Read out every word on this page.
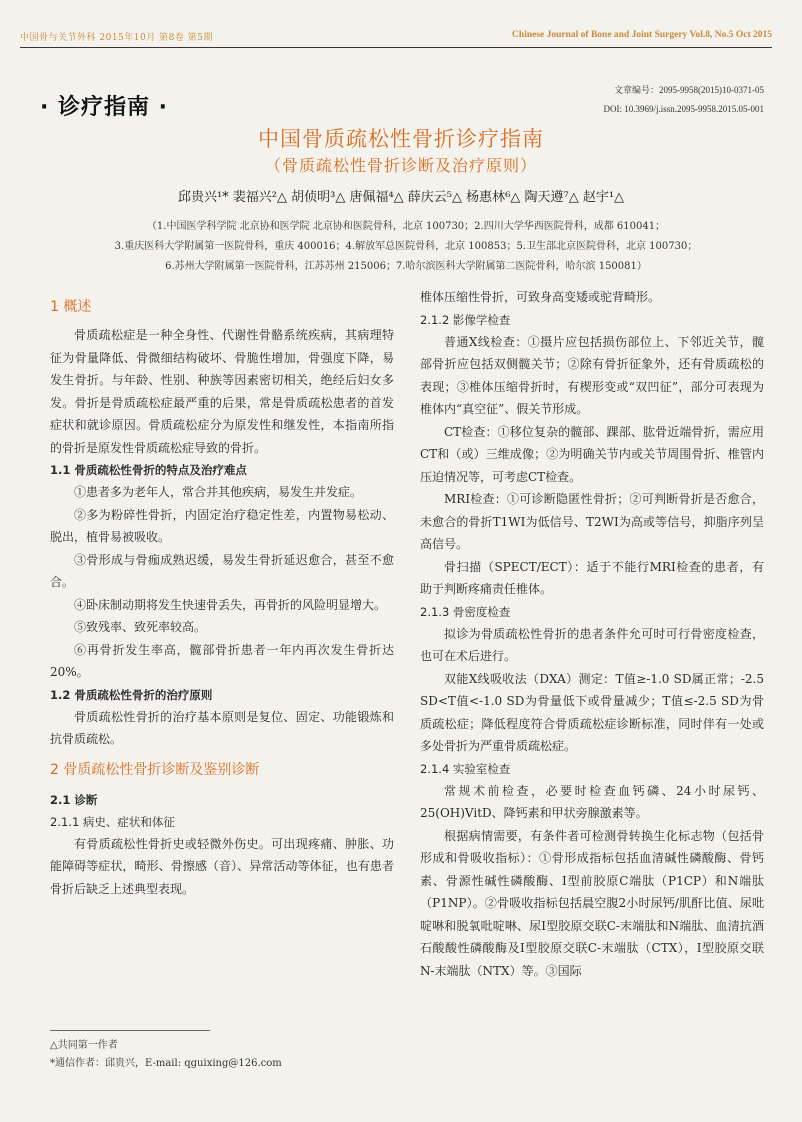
中国骨与关节外科 2015年10月 第8卷 第5期	Chinese Journal of Bone and Joint Surgery Vol.8, No.5 Oct 2015
· 诊疗指南 ·
文章编号：2095-9958(2015)10-0371-05
DOI: 10.3969/j.issn.2095-9958.2015.05-001
中国骨质疏松性骨折诊疗指南
（骨质疏松性骨折诊断及治疗原则）
邱贵兴¹* 裴福兴²△ 胡侦明³△ 唐佩福⁴△ 薛庆云⁵△ 杨惠林⁶△ 陶天遵⁷△ 赵宇¹△
（1.中国医学科学院 北京协和医学院 北京协和医院骨科，北京 100730；2.四川大学华西医院骨科，成都 610041；
3.重庆医科大学附属第一医院骨科，重庆 400016；4.解放军总医院骨科，北京 100853；5.卫生部北京医院骨科，北京 100730；
6.苏州大学附属第一医院骨科，江苏苏州 215006；7.哈尔滨医科大学附属第二医院骨科，哈尔滨 150081）
1 概述

骨质疏松症是一种全身性、代谢性骨骼系统疾病，其病理特征为骨量降低、骨微细结构破坏、骨脆性增加，骨强度下降，易发生骨折。与年龄、性别、种族等因素密切相关，绝经后妇女多发。骨折是骨质疏松症最严重的后果，常是骨质疏松患者的首发症状和就诊原因。骨质疏松症分为原发性和继发性，本指南所指的骨折是原发性骨质疏松症导致的骨折。

1.1 骨质疏松性骨折的特点及治疗难点

①患者多为老年人，常合并其他疾病，易发生并发症。

②多为粉碎性骨折，内固定治疗稳定性差，内置物易松动、脱出，植骨易被吸收。

③骨形成与骨痂成熟迟缓，易发生骨折延迟愈合，甚至不愈合。

④卧床制动期将发生快速骨丢失，再骨折的风险明显增大。

⑤致残率、致死率较高。

⑥再骨折发生率高，髋部骨折患者一年内再次发生骨折达20%。

1.2 骨质疏松性骨折的治疗原则

骨质疏松性骨折的治疗基本原则是复位、固定、功能锻炼和抗骨质疏松。

2 骨质疏松性骨折诊断及鉴别诊断
2.1 诊断
2.1.1 病史、症状和体征

有骨质疏松性骨折史或轻微外伤史。可出现疼痛、肿胀、功能障碍等症状，畸形、骨擦感（音）、异常活动等体征，也有患者骨折后缺乏上述典型表现。

椎体压缩性骨折，可致身高变矮或驼背畸形。

2.1.2 影像学检查

普通X线检查：①摄片应包括损伤部位上、下邻近关节，髋部骨折应包括双侧髋关节；②除有骨折征象外，还有骨质疏松的表现；③椎体压缩骨折时，有楔形变或“双凹征”，部分可表现为椎体内“真空征”、假关节形成。

CT检查：①移位复杂的髋部、踝部、肱骨近端骨折，需应用CT和（或）三维成像；②为明确关节内或关节周围骨折、椎管内压迫情况等，可考虑CT检查。

MRI检查：①可诊断隐匿性骨折；②可判断骨折是否愈合，未愈合的骨折T1WI为低信号、T2WI为高或等信号，抑脂序列呈高信号。

骨扫描（SPECT/ECT）：适于不能行MRI检查的患者，有助于判断疼痛责任椎体。

2.1.3 骨密度检查

拟诊为骨质疏松性骨折的患者条件允可时可行骨密度检查，也可在术后进行。

双能X线吸收法（DXA）测定：T值≥-1.0 SD属正常；-2.5 SD<T值<-1.0 SD为骨量低下或骨量减少；T值≤-2.5 SD为骨质疏松症；降低程度符合骨质疏松症诊断标准，同时伴有一处或多处骨折为严重骨质疏松症。

2.1.4 实验室检查

常规术前检查，必要时检查血钙磷、24小时尿钙、25(OH)VitD、降钙素和甲状旁腺激素等。

根据病情需要，有条件者可检测骨转换生化标志物（包括骨形成和骨吸收指标）：①骨形成指标包括血清碱性磷酸酶、骨钙素、骨源性碱性磷酸酶、I型前胶原C端肽（P1CP）和N端肽（P1NP）。②骨吸收指标包括晨空腹2小时尿钙/肌酐比值、尿吡啶啉和脱氧吡啶啉、尿I型胶原交联C-末端肽和N端肽、血清抗酒石酸酸性磷酸酶及I型胶原交联C-末端肽（CTX），I型胶原交联N-末端肽（NTX）等。③国际

△共同第一作者
*通信作者：邱贵兴，E-mail: qguixing@126.com
